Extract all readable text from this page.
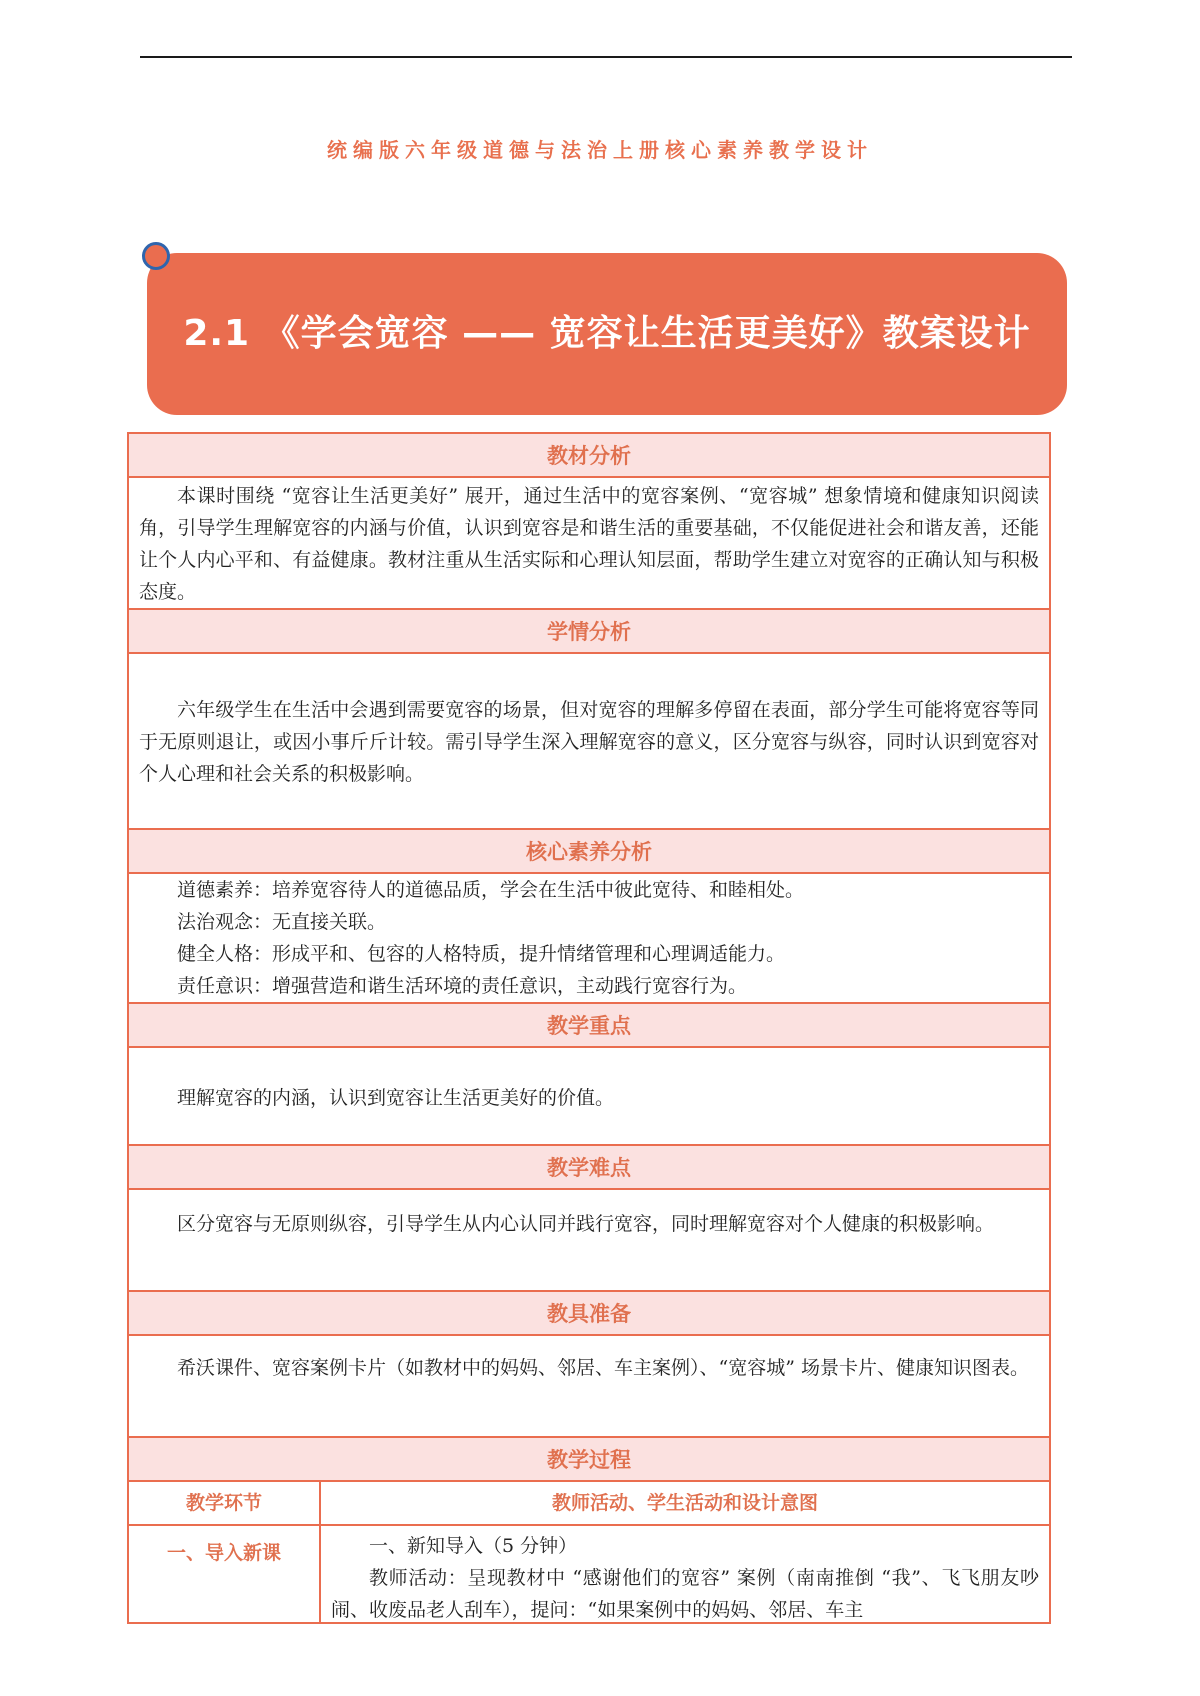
统编版六年级道德与法治上册核心素养教学设计
2.1 《学会宽容 —— 宽容让生活更美好》教案设计
教材分析

本课时围绕 “宽容让生活更美好” 展开，通过生活中的宽容案例、“宽容城” 想象情境和健康知识阅读角，引导学生理解宽容的内涵与价值，认识到宽容是和谐生活的重要基础，不仅能促进社会和谐友善，还能让个人内心平和、有益健康。教材注重从生活实际和心理认知层面，帮助学生建立对宽容的正确认知与积极态度。

学情分析

六年级学生在生活中会遇到需要宽容的场景，但对宽容的理解多停留在表面，部分学生可能将宽容等同于无原则退让，或因小事斤斤计较。需引导学生深入理解宽容的意义，区分宽容与纵容，同时认识到宽容对个人心理和社会关系的积极影响。

核心素养分析
道德素养：培养宽容待人的道德品质，学会在生活中彼此宽待、和睦相处。
法治观念：无直接关联。
健全人格：形成平和、包容的人格特质，提升情绪管理和心理调适能力。
责任意识：增强营造和谐生活环境的责任意识，主动践行宽容行为。
教学重点

理解宽容的内涵，认识到宽容让生活更美好的价值。

教学难点

区分宽容与无原则纵容，引导学生从内心认同并践行宽容，同时理解宽容对个人健康的积极影响。

教具准备

希沃课件、宽容案例卡片（如教材中的妈妈、邻居、车主案例）、“宽容城” 场景卡片、健康知识图表。

教学过程
教学环节	教师活动、学生活动和设计意图
一、导入新课	一、新知导入（5 分钟）

教师活动：呈现教材中 “感谢他们的宽容” 案例（南南推倒 “我”、飞飞朋友吵闹、收废品老人刮车），提问：“如果案例中的妈妈、邻居、车主
